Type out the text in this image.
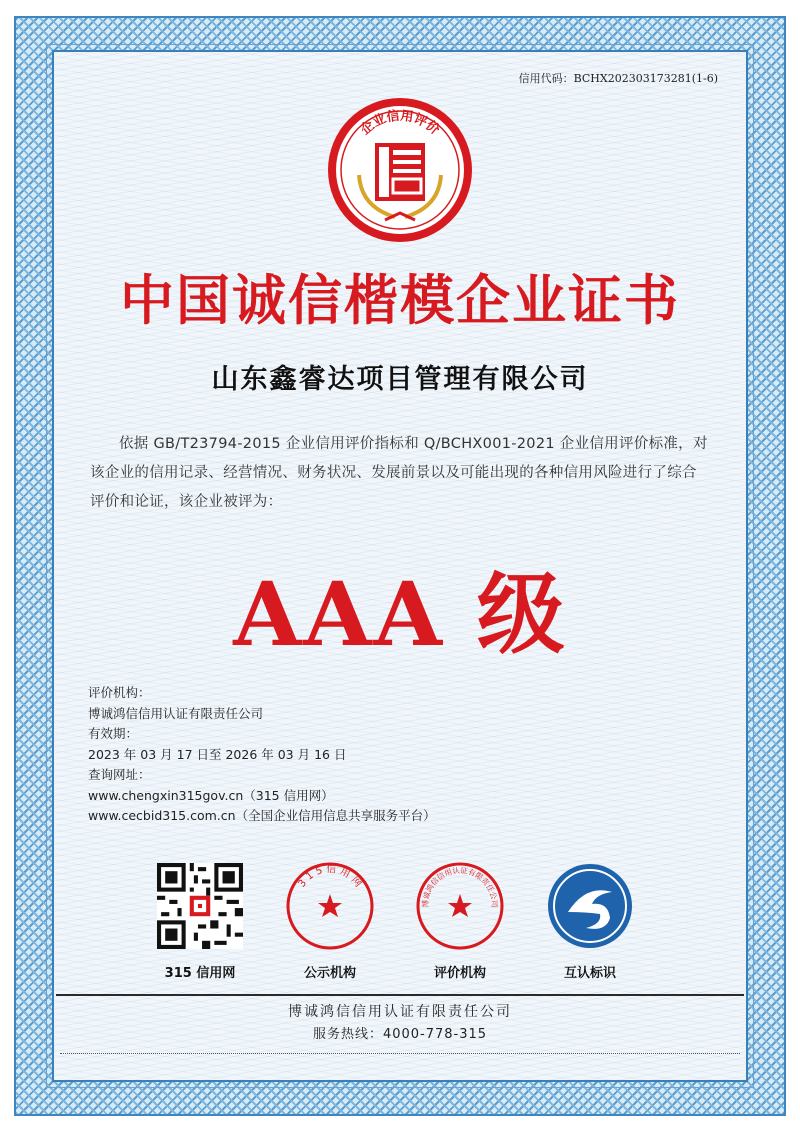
信用代码：BCHX202303173281(1-6)
企业信用评价
中国诚信楷模企业证书
山东鑫睿达项目管理有限公司
依据 GB/T23794-2015 企业信用评价指标和 Q/BCHX001-2021 企业信用评价标准，对该企业的信用记录、经营情况、财务状况、发展前景以及可能出现的各种信用风险进行了综合评价和论证，该企业被评为：
AAA 级
评价机构：
博诚鸿信信用认证有限责任公司
有效期：
2023 年 03 月 17 日至 2026 年 03 月 16 日
查询网址：
www.chengxin315gov.cn（315 信用网）
www.cecbid315.com.cn（全国企业信用信息共享服务平台）
315 信用网
3 1 5 信 用 网
公示机构
博诚鸿信信用认证有限责任公司
评价机构	互认标识
博诚鸿信信用认证有限责任公司
服务热线：4000-778-315
